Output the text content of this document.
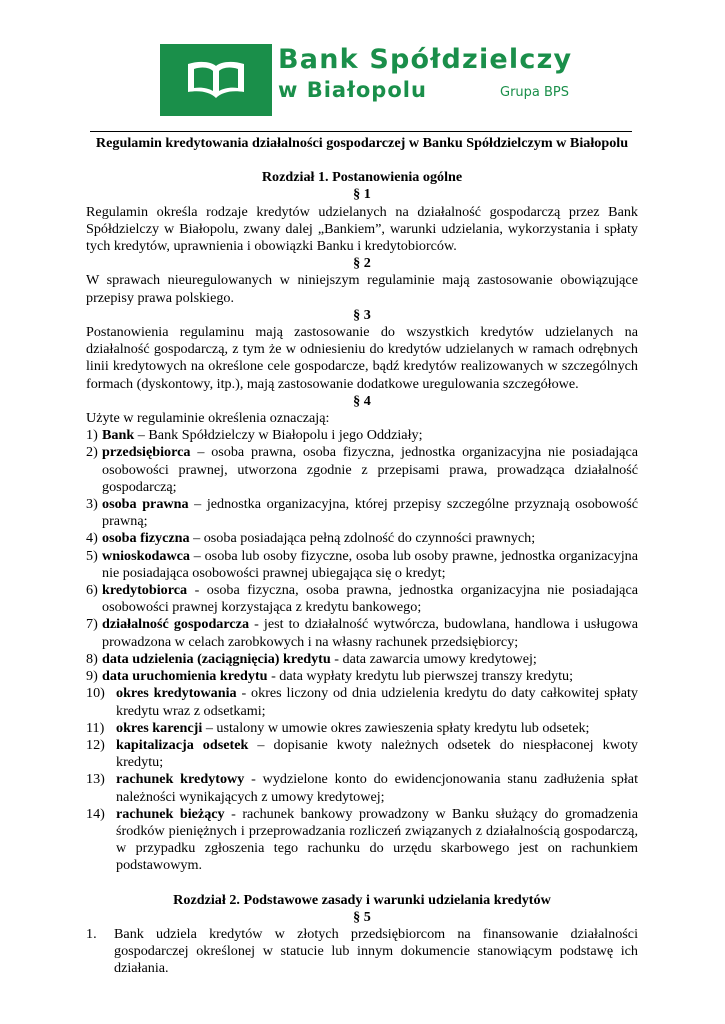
Bank Spółdzielczy
w Białopolu	Grupa BPS

Regulamin kredytowania działalności gospodarczej w Banku Spółdzielczym w Białopolu

Rozdział 1. Postanowienia ogólne

§ 1

Regulamin określa rodzaje kredytów udzielanych na działalność gospodarczą przez Bank Spółdzielczy w Białopolu, zwany dalej „Bankiem”, warunki udzielania, wykorzystania i spłaty tych kredytów, uprawnienia i obowiązki Banku i kredytobiorców.

§ 2

W sprawach nieuregulowanych w niniejszym regulaminie mają zastosowanie obowiązujące przepisy prawa polskiego.

§ 3

Postanowienia regulaminu mają zastosowanie do wszystkich kredytów udzielanych na działalność gospodarczą, z tym że w odniesieniu do kredytów udzielanych w ramach odrębnych linii kredytowych na określone cele gospodarcze, bądź kredytów realizowanych w szczególnych formach (dyskontowy, itp.), mają zastosowanie dodatkowe uregulowania szczegółowe.

§ 4

Użyte w regulaminie określenia oznaczają:

1) Bank – Bank Spółdzielczy w Białopolu i jego Oddziały;
2) przedsiębiorca – osoba prawna, osoba fizyczna, jednostka organizacyjna nie posiadająca osobowości prawnej, utworzona zgodnie z przepisami prawa, prowadząca działalność gospodarczą;
3) osoba prawna – jednostka organizacyjna, której przepisy szczególne przyznają osobowość prawną;
4) osoba fizyczna – osoba posiadająca pełną zdolność do czynności prawnych;
5) wnioskodawca – osoba lub osoby fizyczne, osoba lub osoby prawne, jednostka organizacyjna nie posiadająca osobowości prawnej ubiegająca się o kredyt;
6) kredytobiorca - osoba fizyczna, osoba prawna, jednostka organizacyjna nie posiadająca osobowości prawnej korzystająca z kredytu bankowego;
7) działalność gospodarcza - jest to działalność wytwórcza, budowlana, handlowa i usługowa prowadzona w celach zarobkowych i na własny rachunek przedsiębiorcy;
8) data udzielenia (zaciągnięcia) kredytu - data zawarcia umowy kredytowej;
9) data uruchomienia kredytu - data wypłaty kredytu lub pierwszej transzy kredytu;
10) okres kredytowania - okres liczony od dnia udzielenia kredytu do daty całkowitej spłaty kredytu wraz z odsetkami;
11) okres karencji – ustalony w umowie okres zawieszenia spłaty kredytu lub odsetek;
12) kapitalizacja odsetek – dopisanie kwoty należnych odsetek do niespłaconej kwoty kredytu;
13) rachunek kredytowy - wydzielone konto do ewidencjonowania stanu zadłużenia spłat należności wynikających z umowy kredytowej;
14) rachunek bieżący - rachunek bankowy prowadzony w Banku służący do gromadzenia środków pieniężnych i przeprowadzania rozliczeń związanych z działalnością gospodarczą, w przypadku zgłoszenia tego rachunku do urzędu skarbowego jest on rachunkiem podstawowym.

Rozdział 2. Podstawowe zasady i warunki udzielania kredytów

§ 5

1. Bank udziela kredytów w złotych przedsiębiorcom na finansowanie działalności gospodarczej określonej w statucie lub innym dokumencie stanowiącym podstawę ich działania.
